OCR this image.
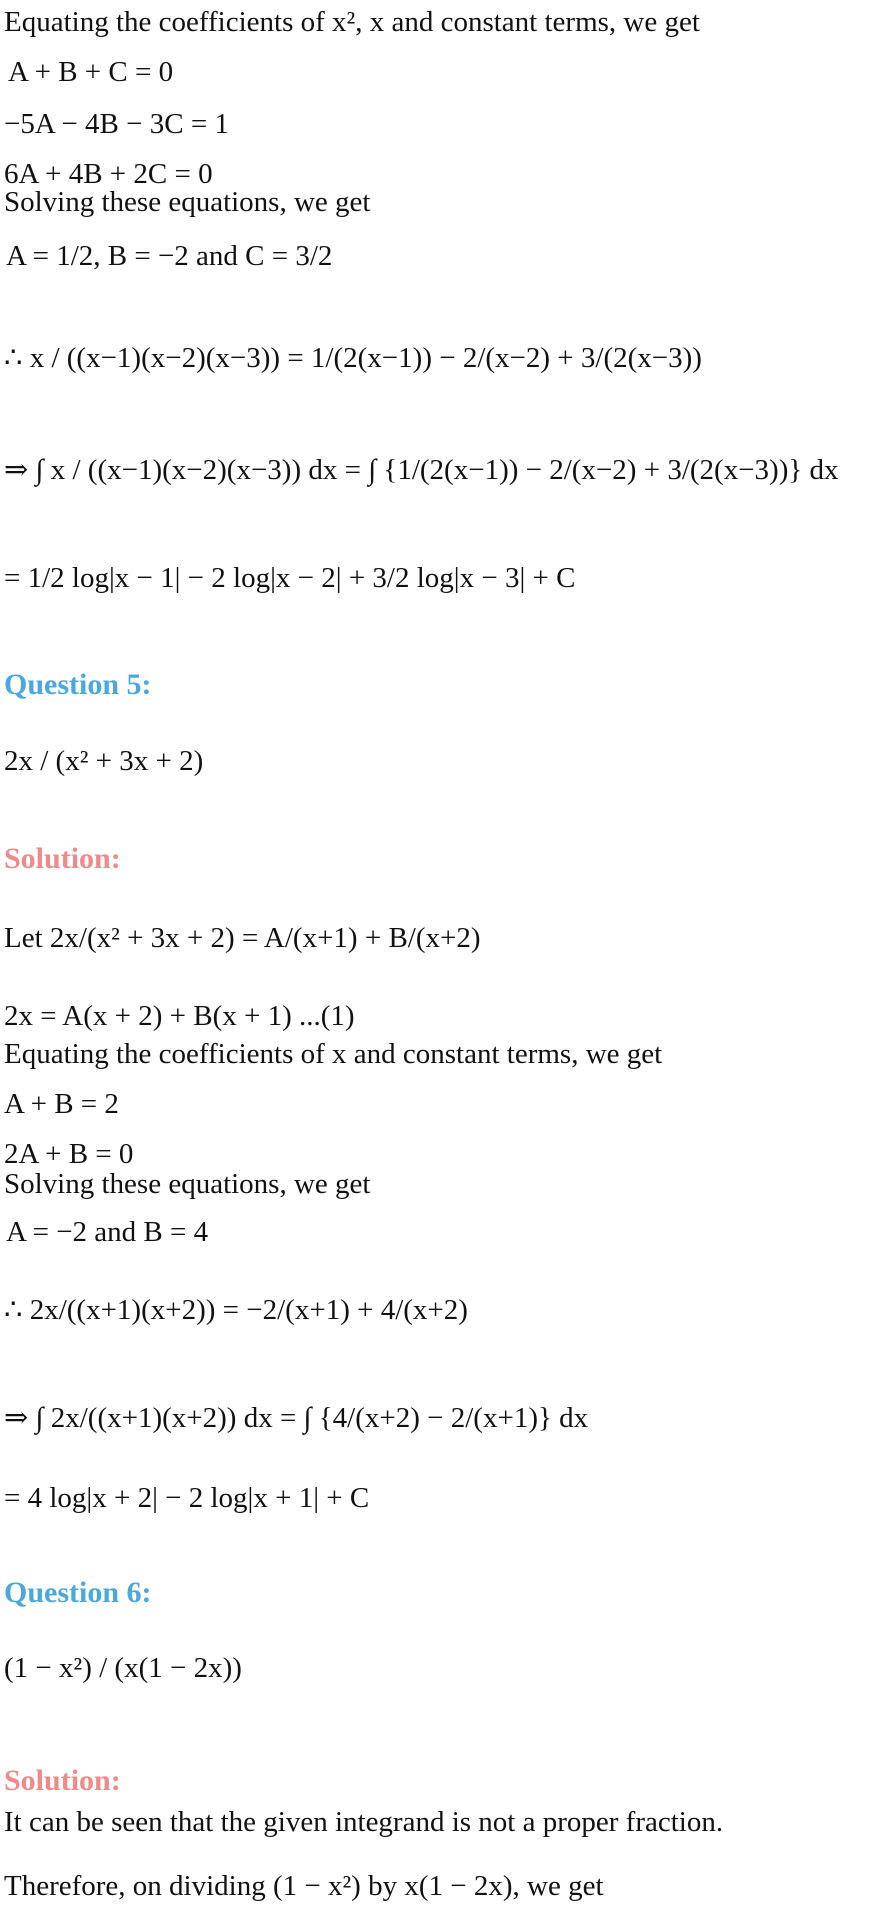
Equating the coefficients of x², x and constant terms, we get
A + B + C = 0
−5A − 4B − 3C = 1
6A + 4B + 2C = 0
Solving these equations, we get
A = 1/2, B = −2 and C = 3/2
∴ x / ((x−1)(x−2)(x−3)) = 1/(2(x−1)) − 2/(x−2) + 3/(2(x−3))
⇒ ∫ x / ((x−1)(x−2)(x−3)) dx = ∫ {1/(2(x−1)) − 2/(x−2) + 3/(2(x−3))} dx
= 1/2 log|x − 1| − 2 log|x − 2| + 3/2 log|x − 3| + C
Question 5:
2x / (x² + 3x + 2)
Solution:
Let 2x/(x² + 3x + 2) = A/(x+1) + B/(x+2)
2x = A(x + 2) + B(x + 1) ...(1)
Equating the coefficients of x and constant terms, we get
A + B = 2
2A + B = 0
Solving these equations, we get
A = −2 and B = 4
∴ 2x/((x+1)(x+2)) = −2/(x+1) + 4/(x+2)
⇒ ∫ 2x/((x+1)(x+2)) dx = ∫ {4/(x+2) − 2/(x+1)} dx
= 4 log|x + 2| − 2 log|x + 1| + C
Question 6:
(1 − x²) / (x(1 − 2x))
Solution:
It can be seen that the given integrand is not a proper fraction.
Therefore, on dividing (1 − x²) by x(1 − 2x), we get
